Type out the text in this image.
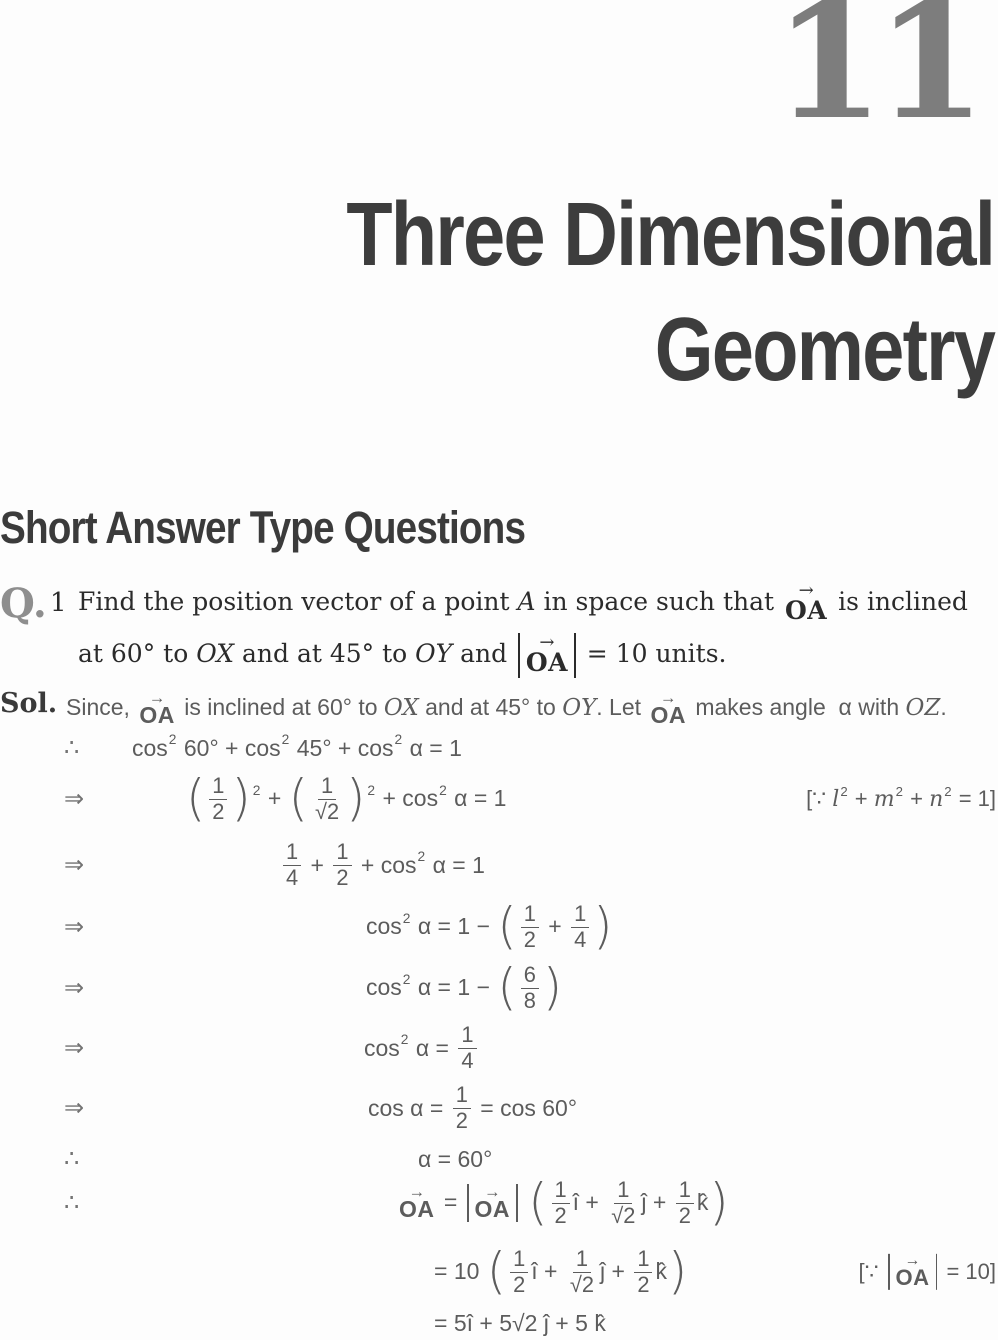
11
Three Dimensional
Geometry
Short Answer Type Questions
Q. 1 Find the position vector of a point A in space such that →
OA is inclined
at 60° to OX and at 45° to OY and →
OA = 10 units.
Sol. Since, →
OA is inclined at 60° to OX and at 45° to OY. Let →
OA makes angle  α with OZ.
∴ $\cos^2 60^\circ + \cos^2 45^\circ + \cos^2 \alpha = 1$
⇒ ( $\frac{1}{2} )^2$ + ( $\frac{1}{√2} )^2 + \cos^2 \alpha = 1$	[∵ $l^2 + m^2 + n^2 = 1$]
⇒	$\frac{1}{4} + \frac{1}{2} + \cos^2 \alpha = 1$
⇒	$\cos^2 \alpha = 1$ − ( $\frac{1}{2} + \frac{1}{4}$ )
⇒	$\cos^2 \alpha = 1$ − ( $\frac{6}{8}$ )
⇒	$\cos^2 \alpha = \frac{1}{4}$
⇒	$\cos \alpha = \frac{1}{2} = \cos 60^\circ$
∴	α = 60°
∴	→
OA = →
OA
( $\frac{1}{2}$ î + $\frac{1}{√2}$ ĵ + $\frac{1}{2}$ k̂ )
= 10 ( $\frac{1}{2}$ î + $\frac{1}{√2}$ ĵ + $\frac{1}{2}$ k̂ )	[∵ →
OA = 10]
= 5î + 5√2 ĵ + 5 k̂
